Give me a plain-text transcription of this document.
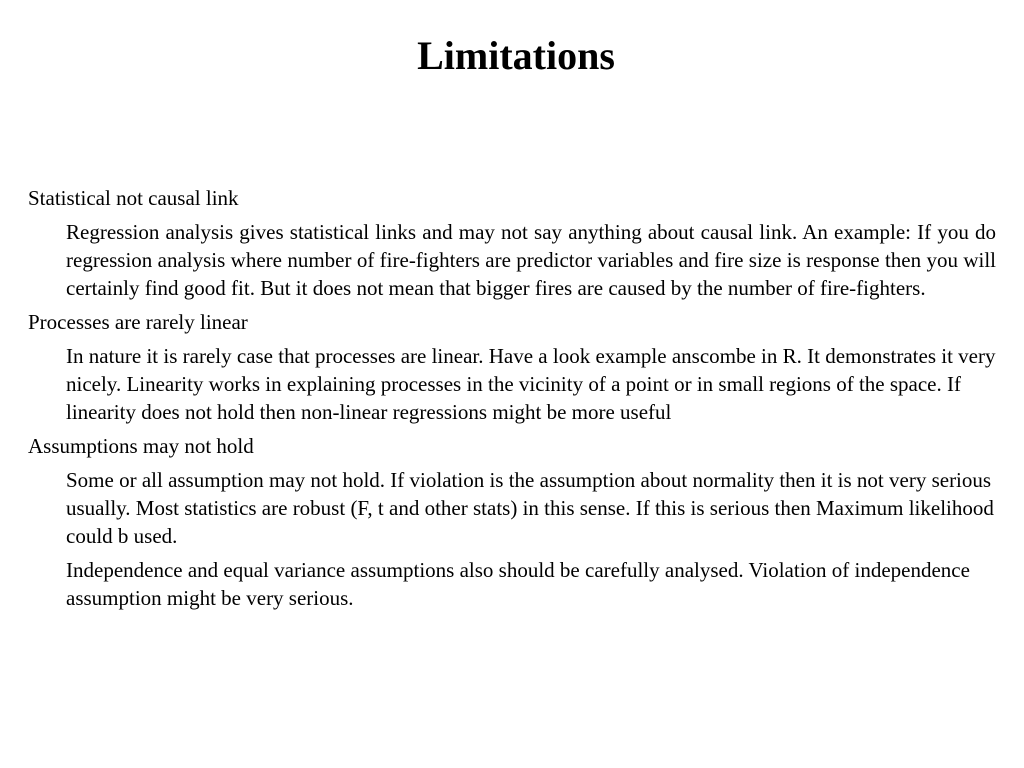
Limitations

Statistical not causal link

Regression analysis gives statistical links and may not say anything about causal link. An example: If you do regression analysis where number of fire-fighters are predictor variables and fire size is response then you will certainly find good fit. But it does not mean that bigger fires are caused by the number of fire-fighters.

Processes are rarely linear

In nature it is rarely case that processes are linear. Have a look example anscombe in R. It demonstrates it very nicely. Linearity works in explaining processes in the vicinity of a point or in small regions of the space. If linearity does not hold then non-linear regressions might be more useful

Assumptions may not hold

Some or all assumption may not hold. If violation is the assumption about normality then it is not very serious usually. Most statistics are robust (F, t and other stats) in this sense. If this is serious then Maximum likelihood could b used.

Independence and equal variance assumptions also should be carefully analysed. Violation of independence assumption might be very serious.
